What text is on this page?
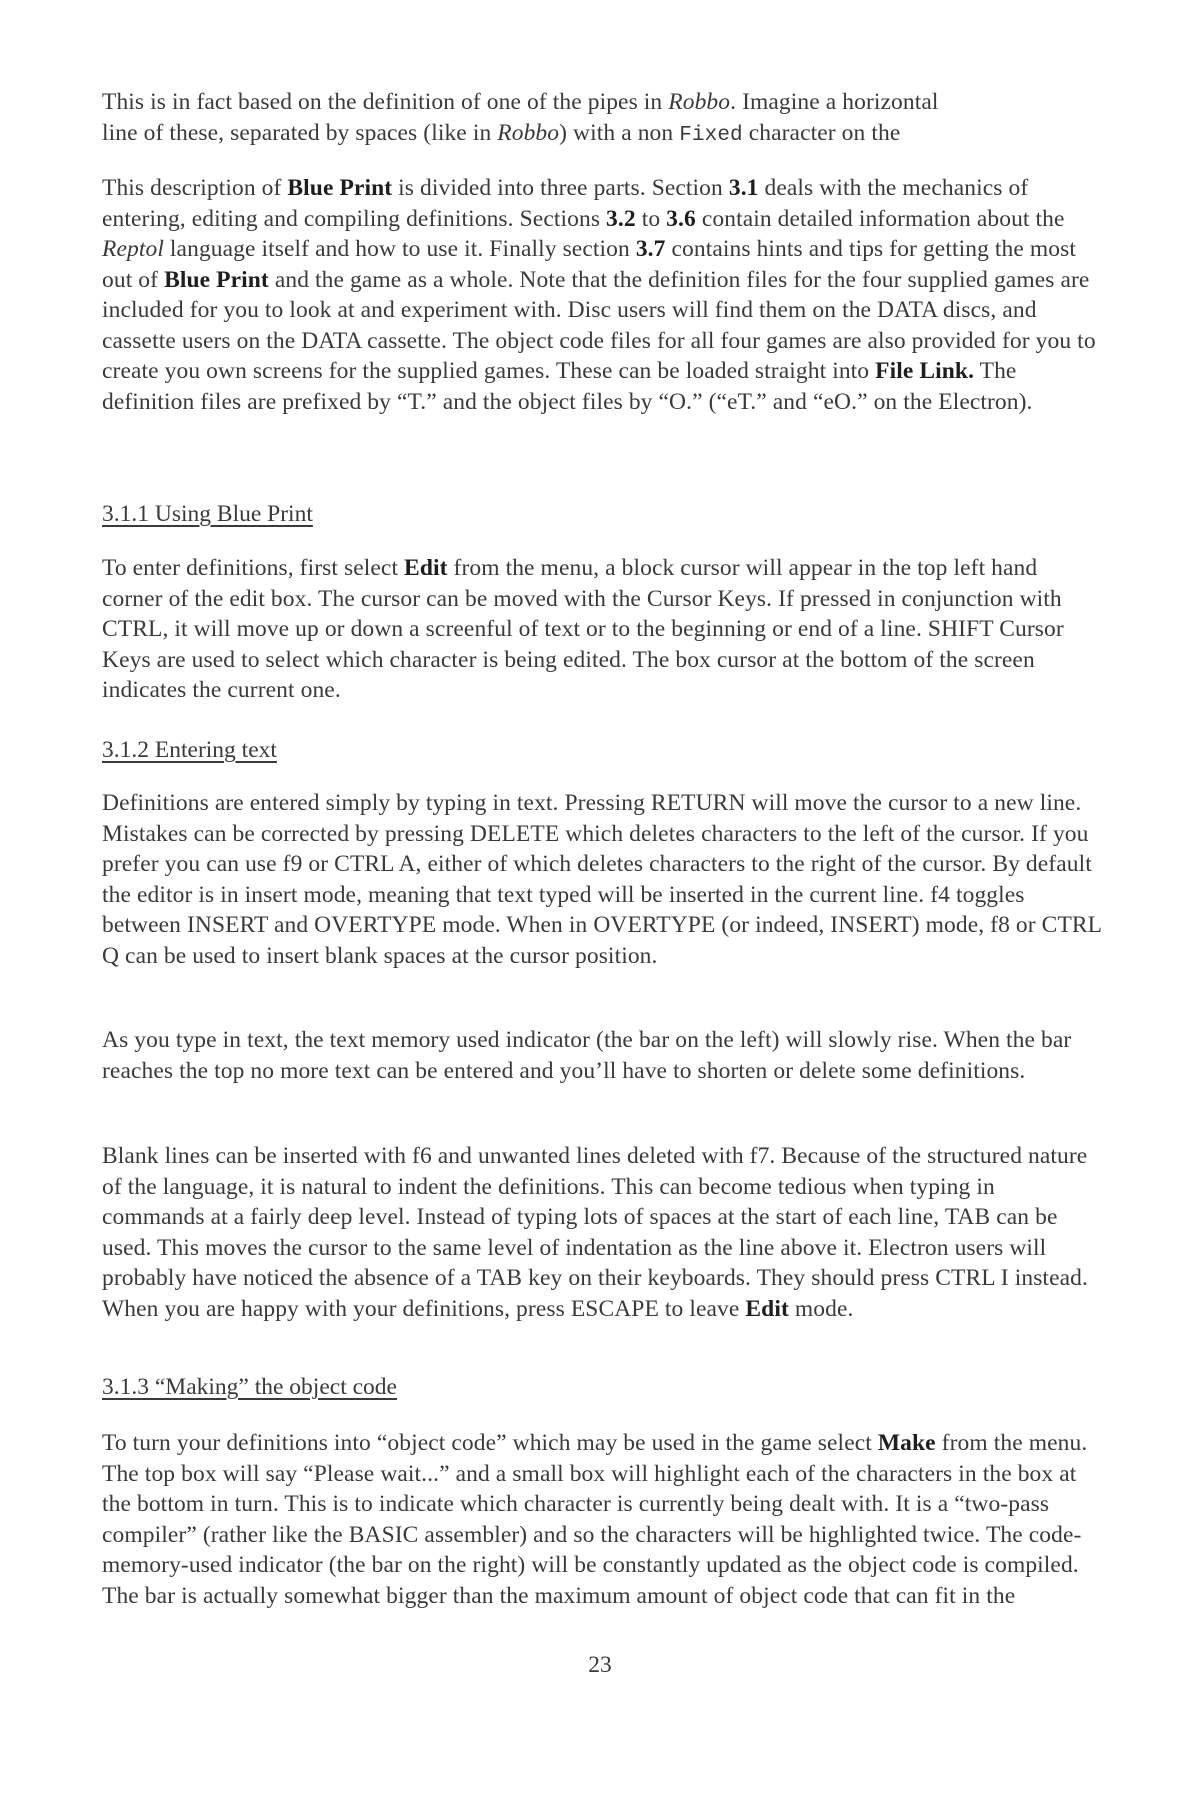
This is in fact based on the definition of one of the pipes in Robbo. Imagine a horizontal

line of these, separated by spaces (like in Robbo) with a non Fixed character on the

This description of Blue Print is divided into three parts. Section 3.1 deals with the mechanics of entering, editing and compiling definitions. Sections 3.2 to 3.6 contain detailed information about the Reptol language itself and how to use it. Finally section 3.7 contains hints and tips for getting the most out of Blue Print and the game as a whole. Note that the definition files for the four supplied games are included for you to look at and experiment with. Disc users will find them on the DATA discs, and cassette users on the DATA cassette. The object code files for all four games are also provided for you to create you own screens for the supplied games. These can be loaded straight into File Link. The definition files are prefixed by “T.” and the object files by “O.” (“eT.” and “eO.” on the Electron).

3.1.1 Using Blue Print

To enter definitions, first select Edit from the menu, a block cursor will appear in the top left hand corner of the edit box. The cursor can be moved with the Cursor Keys. If pressed in conjunction with CTRL, it will move up or down a screenful of text or to the beginning or end of a line. SHIFT Cursor Keys are used to select which character is being edited. The box cursor at the bottom of the screen indicates the current one.

3.1.2 Entering text

Definitions are entered simply by typing in text. Pressing RETURN will move the cursor to a new line. Mistakes can be corrected by pressing DELETE which deletes characters to the left of the cursor. If you prefer you can use f9 or CTRL A, either of which deletes characters to the right of the cursor. By default the editor is in insert mode, meaning that text typed will be inserted in the current line. f4 toggles between INSERT and OVERTYPE mode. When in OVERTYPE (or indeed, INSERT) mode, f8 or CTRL Q can be used to insert blank spaces at the cursor position.

As you type in text, the text memory used indicator (the bar on the left) will slowly rise. When the bar reaches the top no more text can be entered and you’ll have to shorten or delete some definitions.

Blank lines can be inserted with f6 and unwanted lines deleted with f7. Because of the structured nature of the language, it is natural to indent the definitions. This can become tedious when typing in commands at a fairly deep level. Instead of typing lots of spaces at the start of each line, TAB can be used. This moves the cursor to the same level of indentation as the line above it. Electron users will probably have noticed the absence of a TAB key on their keyboards. They should press CTRL I instead. When you are happy with your definitions, press ESCAPE to leave Edit mode.

3.1.3 “Making” the object code

To turn your definitions into “object code” which may be used in the game select Make from the menu. The top box will say “Please wait...” and a small box will highlight each of the characters in the box at the bottom in turn. This is to indicate which character is currently being dealt with. It is a “two-pass compiler” (rather like the BASIC assembler) and so the characters will be highlighted twice. The code-memory-used indicator (the bar on the right) will be constantly updated as the object code is compiled. The bar is actually somewhat bigger than the maximum amount of object code that can fit in the

23
